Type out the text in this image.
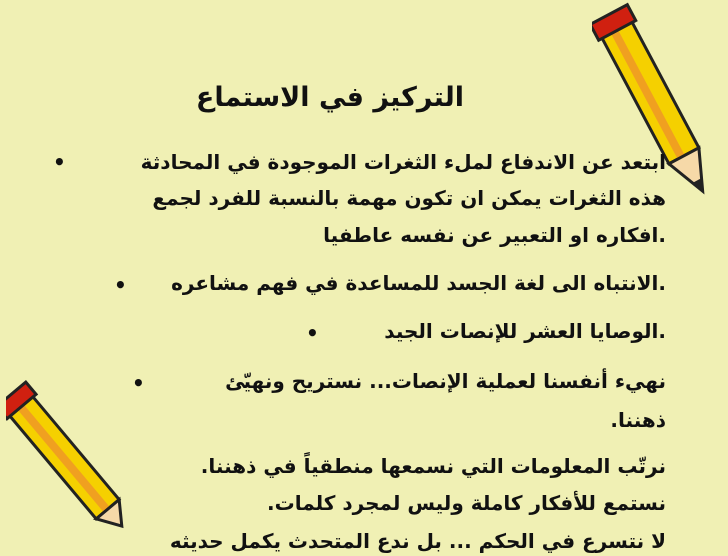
التركيز في الاستماع
ابتعد عن الاندفاع لملء الثغرات الموجودة في المحادثة
•
هذه الثغرات يمكن ان تكون مهمة بالنسبة للفرد لجمع
.افكاره او التعبير عن نفسه عاطفيا
.الانتباه الى لغة الجسد للمساعدة في فهم مشاعره
•
.الوصايا العشر للإنصات الجيد
•
نهيء أنفسنا لعملية الإنصات... نستريح ونهيّئ
•
ذهننا.
نرتّب المعلومات التي نسمعها منطقياً في ذهننا.
نستمع للأفكار كاملة وليس لمجرد كلمات.
لا نتسرع في الحكم ... بل ندع المتحدث يكمل حديثه
